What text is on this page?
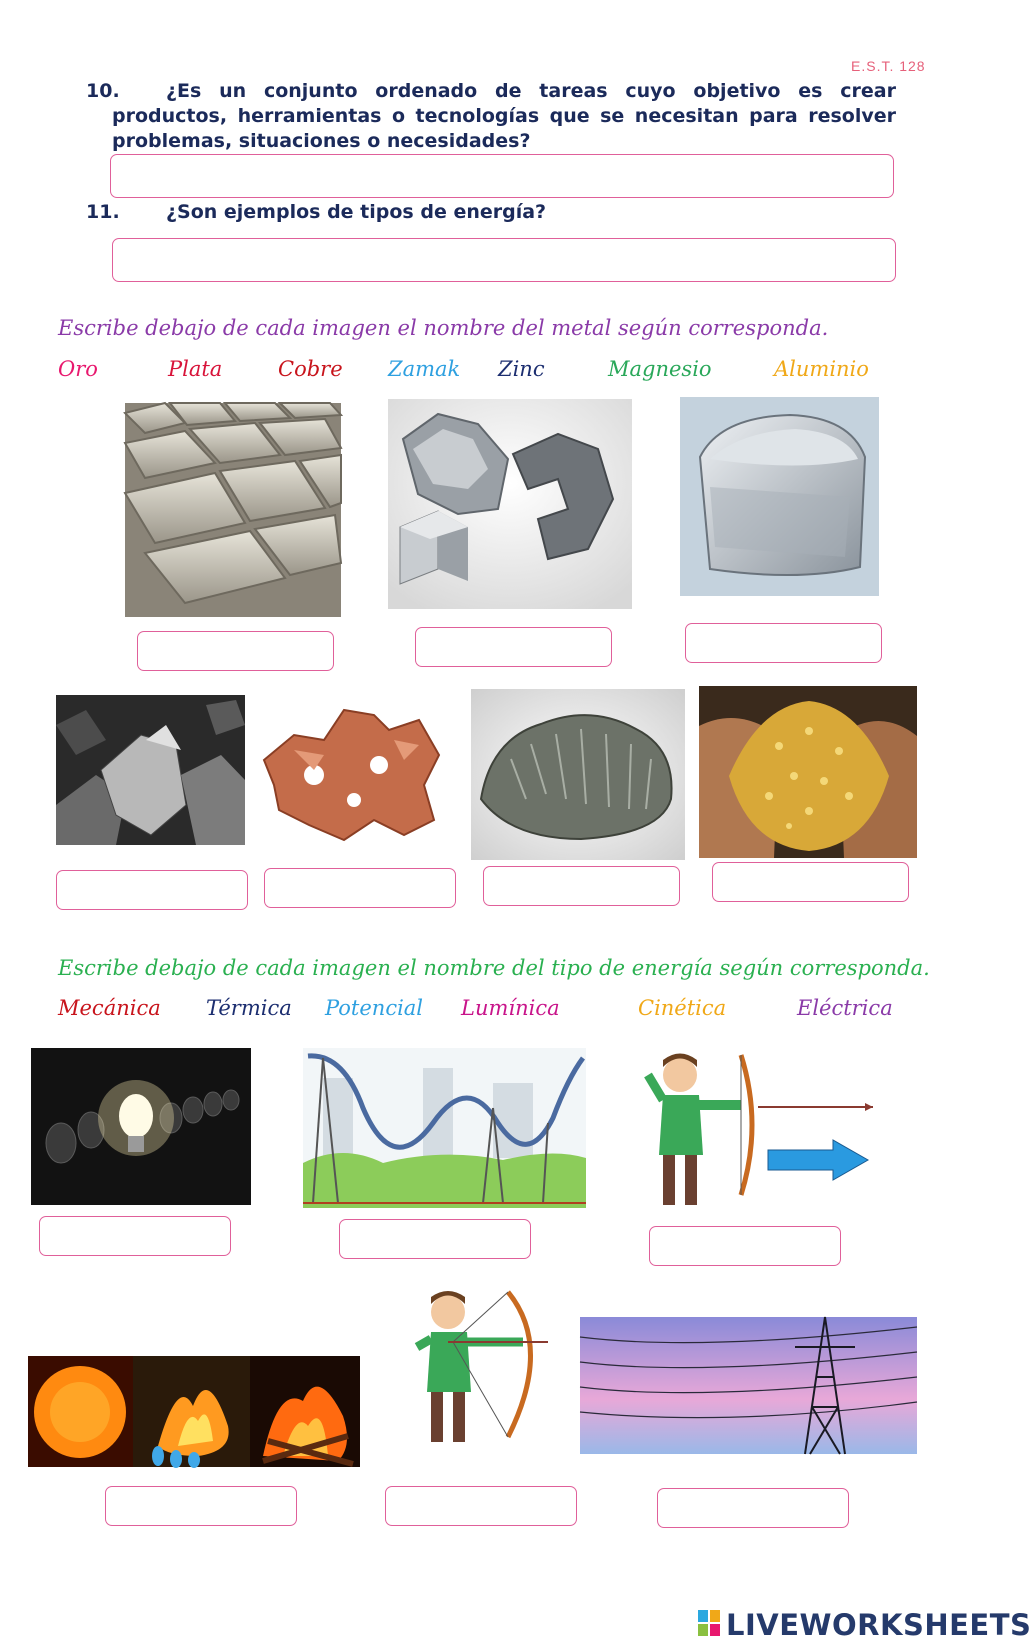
E.S.T. 128
10.	¿Es un conjunto ordenado de tareas cuyo objetivo es crear productos, herramientas o tecnologías que se necesitan para resolver problemas, situaciones o necesidades?
11.	¿Son ejemplos de tipos de energía?
Escribe debajo de cada imagen el nombre del metal según corresponda.
Oro	Plata	Cobre Zamak Zinc	Magnesio	Aluminio
Escribe debajo de cada imagen el nombre del tipo de energía según corresponda.
Mecánica Térmica Potencial Lumínica	Cinética	Eléctrica
LIVEWORKSHEETS
